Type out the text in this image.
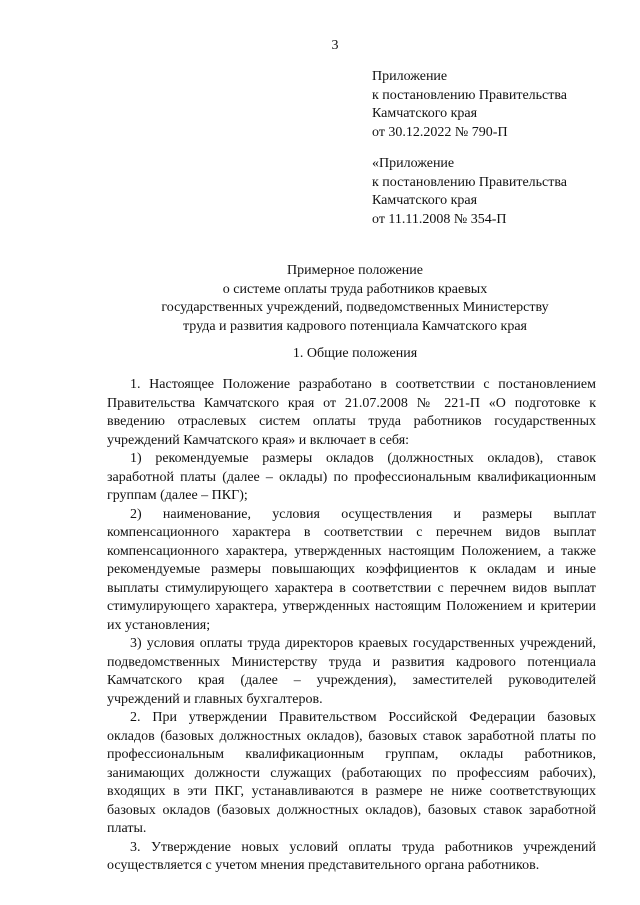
3
Приложение
к постановлению Правительства
Камчатского края
от 30.12.2022 № 790-П
«Приложение
к постановлению Правительства
Камчатского края
от 11.11.2008 № 354-П
Примерное положение
о системе оплаты труда работников краевых
государственных учреждений, подведомственных Министерству
труда и развития кадрового потенциала Камчатского края
1. Общие положения

1. Настоящее Положение разработано в соответствии с постановлением Правительства Камчатского края от 21.07.2008 № 221-П «О подготовке к введению отраслевых систем оплаты труда работников государственных учреждений Камчатского края» и включает в себя:

1) рекомендуемые размеры окладов (должностных окладов), ставок заработной платы (далее – оклады) по профессиональным квалификационным группам (далее – ПКГ);

2) наименование, условия осуществления и размеры выплат компенсационного характера в соответствии с перечнем видов выплат компенсационного характера, утвержденных настоящим Положением, а также рекомендуемые размеры повышающих коэффициентов к окладам и иные выплаты стимулирующего характера в соответствии с перечнем видов выплат стимулирующего характера, утвержденных настоящим Положением и критерии их установления;

3) условия оплаты труда директоров краевых государственных учреждений, подведомственных Министерству труда и развития кадрового потенциала Камчатского края (далее – учреждения), заместителей руководителей учреждений и главных бухгалтеров.

2. При утверждении Правительством Российской Федерации базовых окладов (базовых должностных окладов), базовых ставок заработной платы по профессиональным квалификационным группам, оклады работников, занимающих должности служащих (работающих по профессиям рабочих), входящих в эти ПКГ, устанавливаются в размере не ниже соответствующих базовых окладов (базовых должностных окладов), базовых ставок заработной платы.

3. Утверждение новых условий оплаты труда работников учреждений осуществляется с учетом мнения представительного органа работников.
